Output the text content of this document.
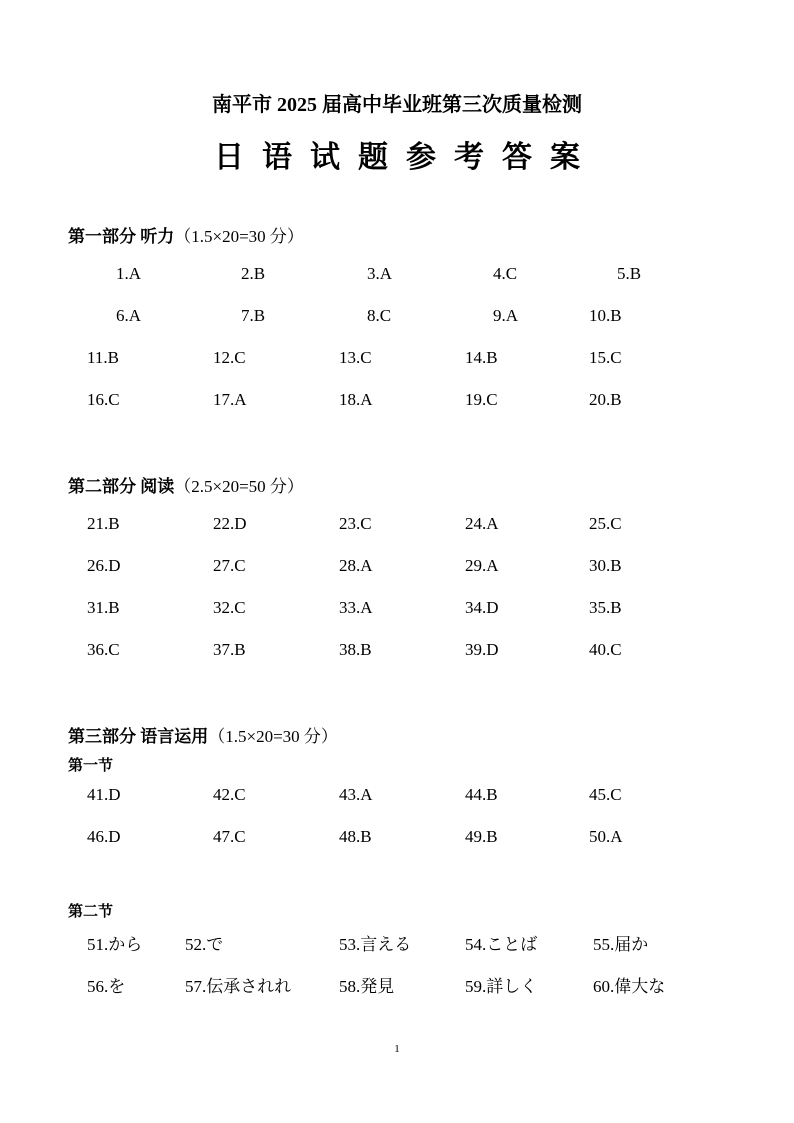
南平市 2025 届高中毕业班第三次质量检测
日语试题参考答案
第一部分 听力（1.5×20=30 分）
第二部分 阅读（2.5×20=50 分）
第三部分 语言运用（1.5×20=30 分）
第一节
第二节
1.A	2.B	3.A	4.C	5.B
6.A	7.B	8.C	9.A	10.B
11.B	12.C	13.C	14.B	15.C
16.C	17.A	18.A	19.C	20.B
21.B	22.D	23.C	24.A	25.C
26.D	27.C	28.A	29.A	30.B
31.B	32.C	33.A	34.D	35.B
36.C	37.B	38.B	39.D	40.C
41.D	42.C	43.A	44.B	45.C
46.D	47.C	48.B	49.B	50.A
51.から	52.で	53.言える	54.ことば	55.届か
56.を	57.伝承されれ	58.発見	59.詳しく	60.偉大な
1
